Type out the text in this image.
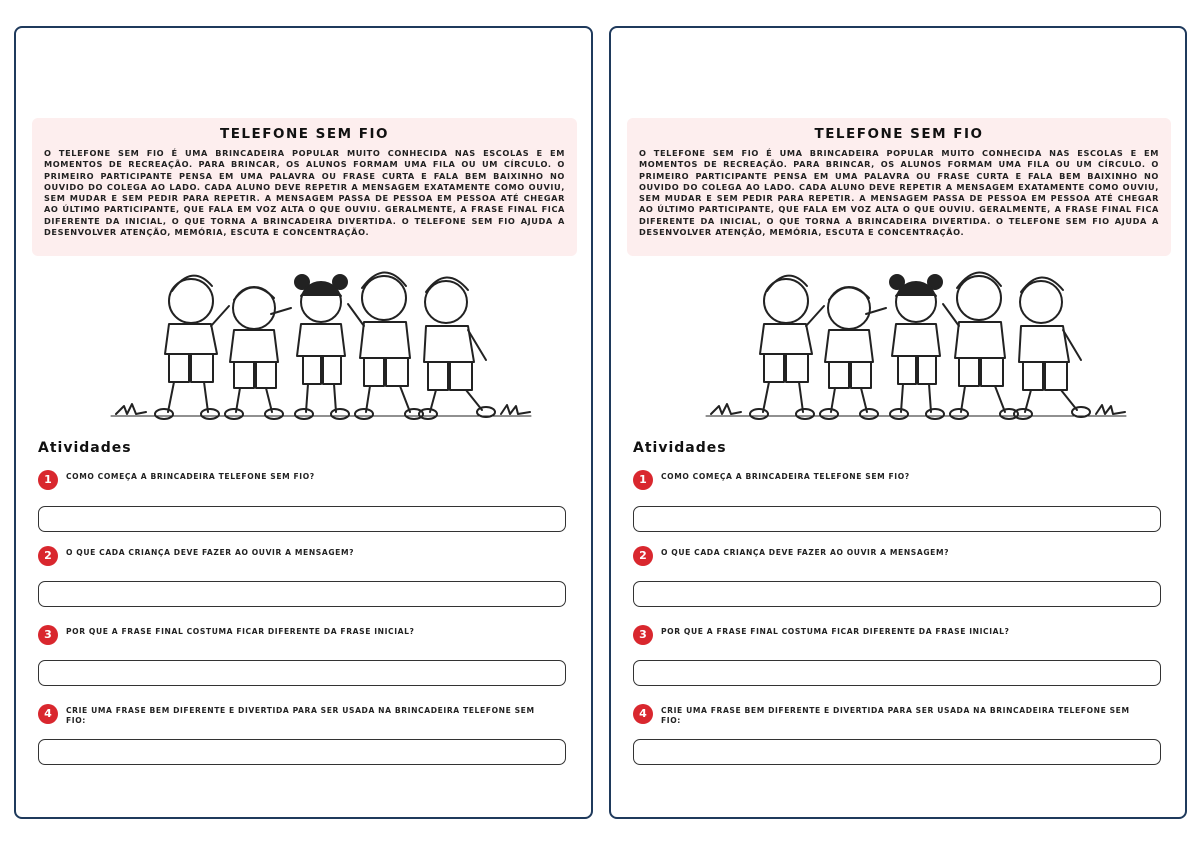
TELEFONE SEM FIO

O TELEFONE SEM FIO É UMA BRINCADEIRA POPULAR MUITO CONHECIDA NAS ESCOLAS E EM MOMENTOS DE RECREAÇÃO. PARA BRINCAR, OS ALUNOS FORMAM UMA FILA OU UM CÍRCULO. O PRIMEIRO PARTICIPANTE PENSA EM UMA PALAVRA OU FRASE CURTA E FALA BEM BAIXINHO NO OUVIDO DO COLEGA AO LADO. CADA ALUNO DEVE REPETIR A MENSAGEM EXATAMENTE COMO OUVIU, SEM MUDAR E SEM PEDIR PARA REPETIR. A MENSAGEM PASSA DE PESSOA EM PESSOA ATÉ CHEGAR AO ÚLTIMO PARTICIPANTE, QUE FALA EM VOZ ALTA O QUE OUVIU. GERALMENTE, A FRASE FINAL FICA DIFERENTE DA INICIAL, O QUE TORNA A BRINCADEIRA DIVERTIDA. O TELEFONE SEM FIO AJUDA A DESENVOLVER ATENÇÃO, MEMÓRIA, ESCUTA E CONCENTRAÇÃO.

Atividades
1	COMO COMEÇA A BRINCADEIRA TELEFONE SEM FIO?
2	O QUE CADA CRIANÇA DEVE FAZER AO OUVIR A MENSAGEM?
3	POR QUE A FRASE FINAL COSTUMA FICAR DIFERENTE DA FRASE INICIAL?
4	CRIE UMA FRASE BEM DIFERENTE E DIVERTIDA PARA SER USADA NA BRINCADEIRA TELEFONE SEM FIO:
TELEFONE SEM FIO

O TELEFONE SEM FIO É UMA BRINCADEIRA POPULAR MUITO CONHECIDA NAS ESCOLAS E EM MOMENTOS DE RECREAÇÃO. PARA BRINCAR, OS ALUNOS FORMAM UMA FILA OU UM CÍRCULO. O PRIMEIRO PARTICIPANTE PENSA EM UMA PALAVRA OU FRASE CURTA E FALA BEM BAIXINHO NO OUVIDO DO COLEGA AO LADO. CADA ALUNO DEVE REPETIR A MENSAGEM EXATAMENTE COMO OUVIU, SEM MUDAR E SEM PEDIR PARA REPETIR. A MENSAGEM PASSA DE PESSOA EM PESSOA ATÉ CHEGAR AO ÚLTIMO PARTICIPANTE, QUE FALA EM VOZ ALTA O QUE OUVIU. GERALMENTE, A FRASE FINAL FICA DIFERENTE DA INICIAL, O QUE TORNA A BRINCADEIRA DIVERTIDA. O TELEFONE SEM FIO AJUDA A DESENVOLVER ATENÇÃO, MEMÓRIA, ESCUTA E CONCENTRAÇÃO.

Atividades
1	COMO COMEÇA A BRINCADEIRA TELEFONE SEM FIO?
2	O QUE CADA CRIANÇA DEVE FAZER AO OUVIR A MENSAGEM?
3	POR QUE A FRASE FINAL COSTUMA FICAR DIFERENTE DA FRASE INICIAL?
4	CRIE UMA FRASE BEM DIFERENTE E DIVERTIDA PARA SER USADA NA BRINCADEIRA TELEFONE SEM FIO:
